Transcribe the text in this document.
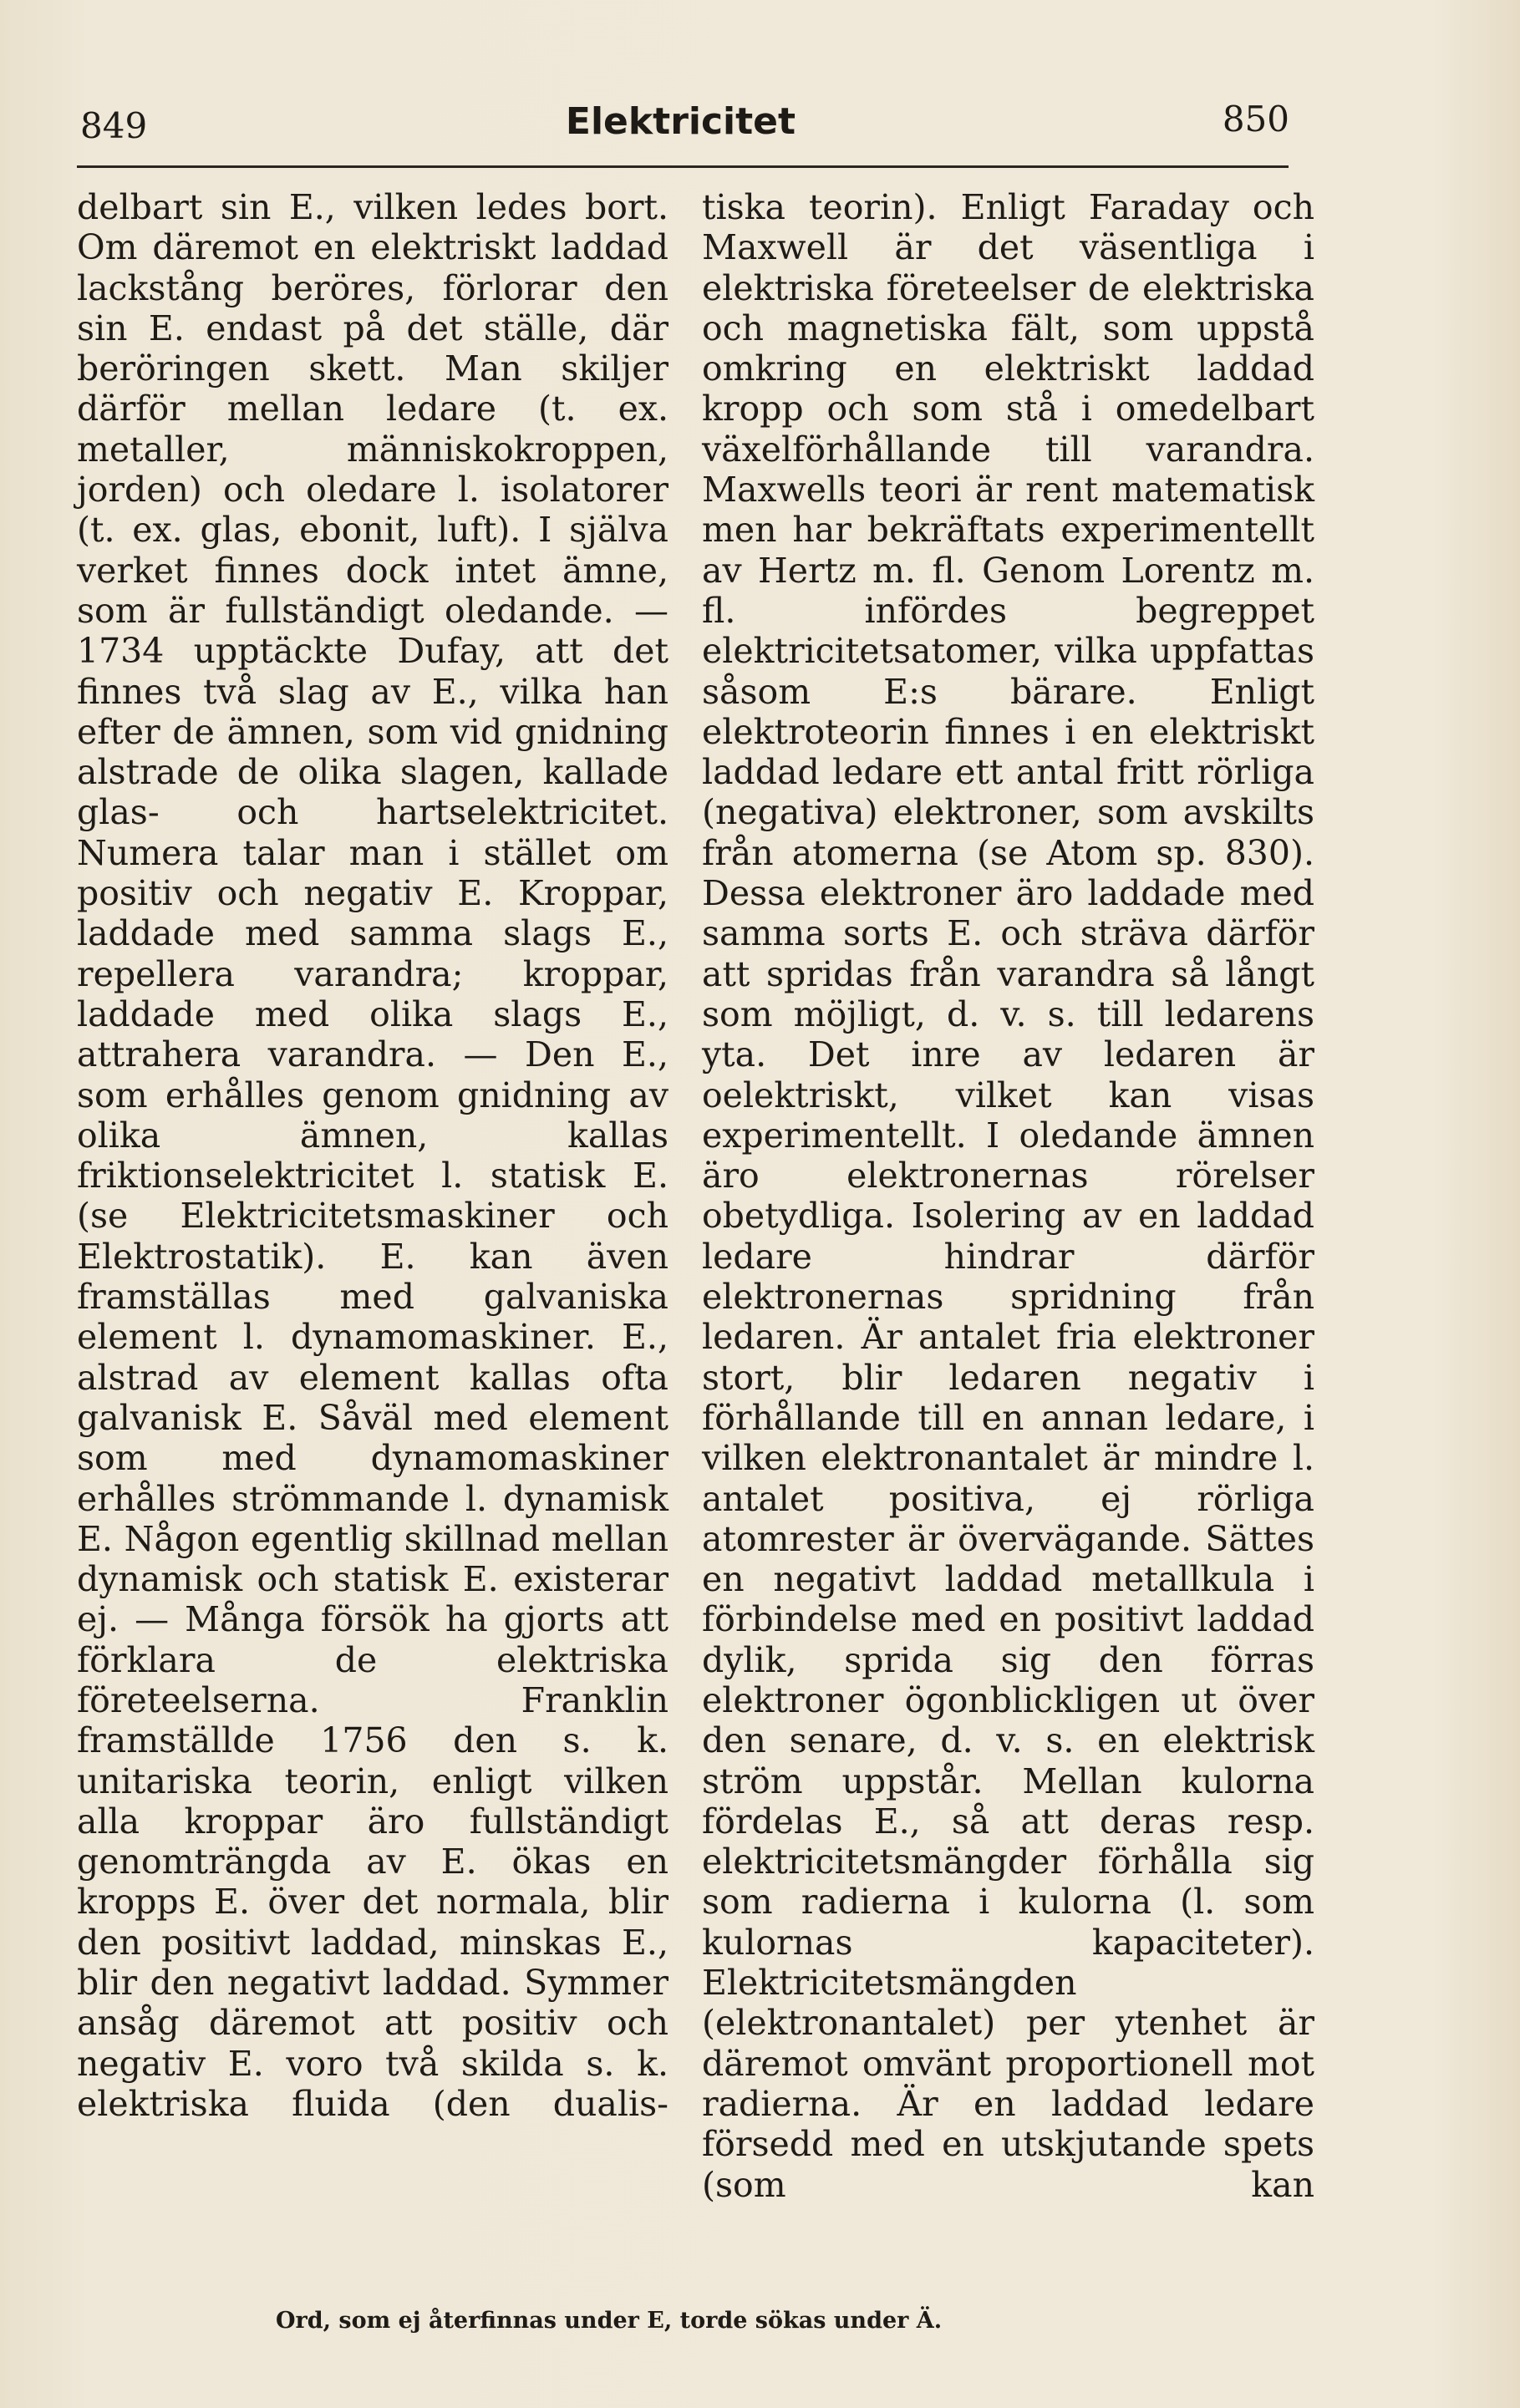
849	Elektricitet	850

delbart sin E., vilken ledes bort. Om däremot en elektriskt laddad lackstång beröres, förlorar den sin E. endast på det ställe, där beröringen skett. Man skiljer därför mellan ledare (t. ex. metaller, människokroppen, jorden) och oledare l. isolatorer (t. ex. glas, ebonit, luft). I själva verket finnes dock intet ämne, som är fullständigt oledande. — 1734 upptäckte Dufay, att det finnes två slag av E., vilka han efter de ämnen, som vid gnidning alstrade de olika slagen, kallade glas- och hartselektricitet. Numera talar man i stället om positiv och negativ E. Kroppar, laddade med samma slags E., repellera varandra; kroppar, laddade med olika slags E., attrahera varandra. — Den E., som erhålles genom gnidning av olika ämnen, kallas friktionselektricitet l. statisk E. (se Elektricitetsmaskiner och Elektrostatik). E. kan även framställas med galvaniska element l. dynamomaskiner. E., alstrad av element kallas ofta galvanisk E. Såväl med element som med dynamomaskiner erhålles strömmande l. dynamisk E. Någon egentlig skillnad mellan dynamisk och statisk E. existerar ej. — Många försök ha gjorts att förklara de elektriska företeelserna. Franklin framställde 1756 den s. k. unitariska teorin, enligt vilken alla kroppar äro fullständigt genomträngda av E. ökas en kropps E. över det normala, blir den positivt laddad, minskas E., blir den negativt laddad. Symmer ansåg däremot att positiv och negativ E. voro två skilda s. k. elektriska fluida (den dualis-

tiska teorin). Enligt Faraday och Maxwell är det väsentliga i elektriska företeelser de elektriska och magnetiska fält, som uppstå omkring en elektriskt laddad kropp och som stå i omedelbart växelförhållande till varandra. Maxwells teori är rent matematisk men har bekräftats experimentellt av Hertz m. fl. Genom Lorentz m. fl. infördes begreppet elektricitetsatomer, vilka uppfattas såsom E:s bärare. Enligt elektroteorin finnes i en elektriskt laddad ledare ett antal fritt rörliga (negativa) elektroner, som avskilts från atomerna (se Atom sp. 830). Dessa elektroner äro laddade med samma sorts E. och sträva därför att spridas från varandra så långt som möjligt, d. v. s. till ledarens yta. Det inre av ledaren är oelektriskt, vilket kan visas experimentellt. I oledande ämnen äro elektronernas rörelser obetydliga. Isolering av en laddad ledare hindrar därför elektronernas spridning från ledaren. Är antalet fria elektroner stort, blir ledaren negativ i förhållande till en annan ledare, i vilken elektronantalet är mindre l. antalet positiva, ej rörliga atomrester är övervägande. Sättes en negativt laddad metallkula i förbindelse med en positivt laddad dylik, sprida sig den förras elektroner ögonblickligen ut över den senare, d. v. s. en elektrisk ström uppstår. Mellan kulorna fördelas E., så att deras resp. elektricitetsmängder förhålla sig som radierna i kulorna (l. som kulornas kapaciteter). Elektricitetsmängden (elektronantalet) per ytenhet är däremot omvänt proportionell mot radierna. Är en laddad ledare försedd med en utskjutande spets (som kan

Ord, som ej återfinnas under E, torde sökas under Ä.
